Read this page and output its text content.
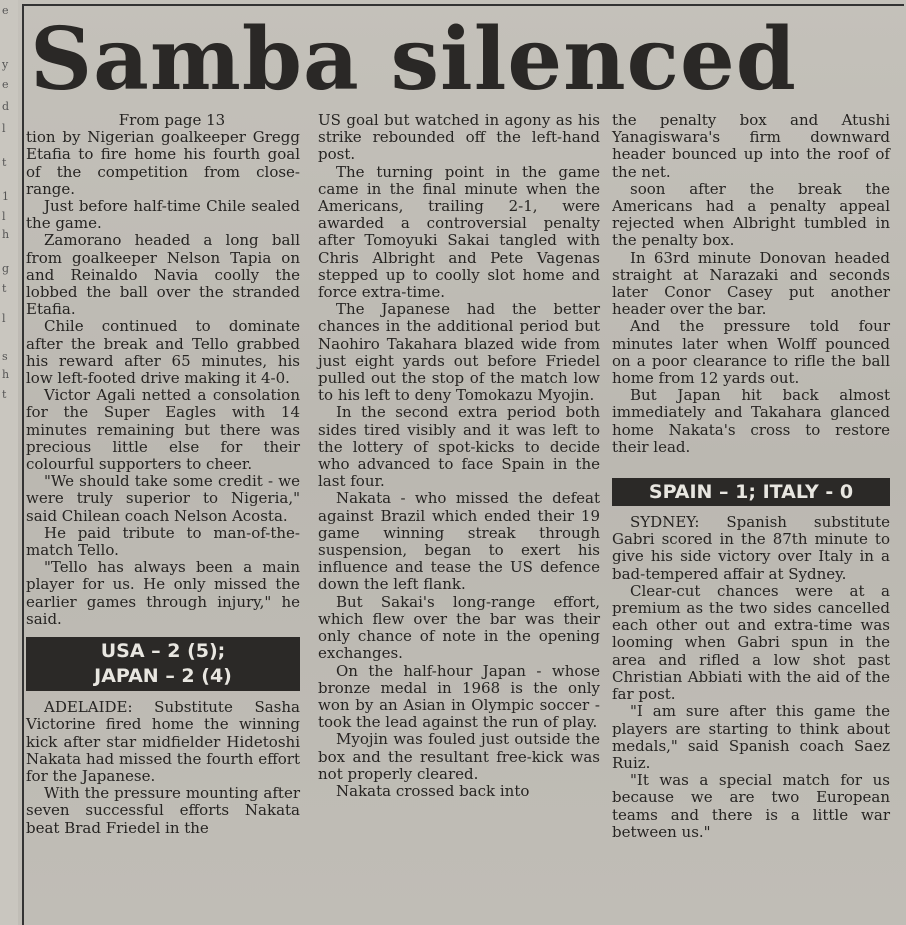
e
y
e
d
l
t
1
l
h
g
t
l
s
h
t
Samba silenced

From page 13

tion by Nigerian goalkeeper Gregg Etafia to fire home his fourth goal of the competition from close-range.

Just before half-time Chile sealed the game.

Zamorano headed a long ball from goalkeeper Nelson Tapia on and Reinaldo Navia coolly the lobbed the ball over the stranded Etafia.

Chile continued to dominate after the break and Tello grabbed his reward after 65 minutes, his low left-footed drive making it 4-0.

Victor Agali netted a consolation for the Super Eagles with 14 minutes remaining but there was precious little else for their colourful supporters to cheer.

"We should take some credit - we were truly superior to Nigeria," said Chilean coach Nelson Acosta.

He paid tribute to man-of-the-match Tello.

"Tello has always been a main player for us. He only missed the earlier games through injury," he said.

USA – 2 (5);
JAPAN – 2 (4)

ADELAIDE: Substitute Sasha Victorine fired home the winning kick after star midfielder Hidetoshi Nakata had missed the fourth effort for the Japanese.

With the pressure mounting after seven successful efforts Nakata beat Brad Friedel in the

US goal but watched in agony as his strike rebounded off the left-hand post.

The turning point in the game came in the final minute when the Americans, trailing 2-1, were awarded a controversial penalty after Tomoyuki Sakai tangled with Chris Albright and Pete Vagenas stepped up to coolly slot home and force extra-time.

The Japanese had the better chances in the additional period but Naohiro Takahara blazed wide from just eight yards out before Friedel pulled out the stop of the match low to his left to deny Tomokazu Myojin.

In the second extra period both sides tired visibly and it was left to the lottery of spot-kicks to decide who advanced to face Spain in the last four.

Nakata - who missed the defeat against Brazil which ended their 19 game winning streak through suspension, began to exert his influence and tease the US defence down the left flank.

But Sakai's long-range effort, which flew over the bar was their only chance of note in the opening exchanges.

On the half-hour Japan - whose bronze medal in 1968 is the only won by an Asian in Olympic soccer - took the lead against the run of play.

Myojin was fouled just outside the box and the resultant free-kick was not properly cleared.

Nakata crossed back into

the penalty box and Atushi Yanagiswara's firm downward header bounced up into the roof of the net.

soon after the break the Americans had a penalty appeal rejected when Albright tumbled in the penalty box.

In 63rd minute Donovan headed straight at Narazaki and seconds later Conor Casey put another header over the bar.

And the pressure told four minutes later when Wolff pounced on a poor clearance to rifle the ball home from 12 yards out.

But Japan hit back almost immediately and Takahara glanced home Nakata's cross to restore their lead.

SPAIN – 1; ITALY - 0

SYDNEY: Spanish substitute Gabri scored in the 87th minute to give his side victory over Italy in a bad-tempered affair at Sydney.

Clear-cut chances were at a premium as the two sides cancelled each other out and extra-time was looming when Gabri spun in the area and rifled a low shot past Christian Abbiati with the aid of the far post.

"I am sure after this game the players are starting to think about medals," said Spanish coach Saez Ruiz.

"It was a special match for us because we are two European teams and there is a little war between us."
